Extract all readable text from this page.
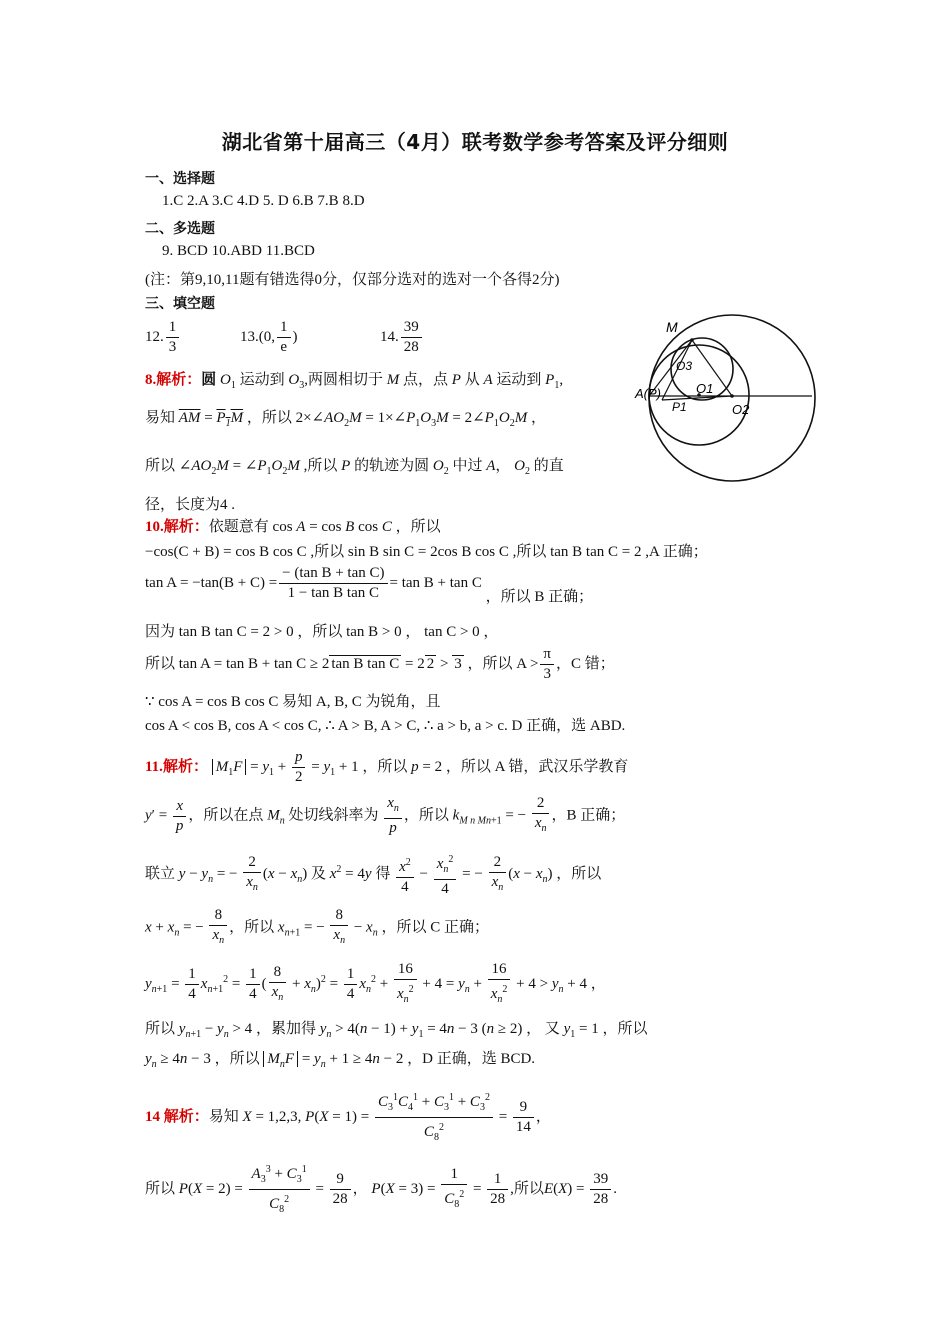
湖北省第十届高三（4月）联考数学参考答案及评分细则
一、选择题
1.C 2.A 3.C 4.D 5. D 6.B 7.B 8.D
二、多选题
9. BCD 10.ABD 11.BCD
(注：第9,10,11题有错选得0分，仅部分选对的选对一个各得2分)
三、填空题
12. $\frac{1}{3}$	13.(0, $\frac{1}{e}$ )	14. $\frac{39}{28}$	M
O3
O1
A(P)
P1	O2
8.解析：圆 $O_1$ 运动到 $O_3$,两圆相切于 M 点，点 P 从 A 运动到 $P_1$,
易知 $\overline{AM} = P_1M$ ，所以 $2\times\angle AO_2M$ = $1\times\angle P_1O_3M$ = $2\angle P_1O_2M$ ，
所以 $\angle AO_2M$ = $\angle P_1O_2M$ ,所以 P 的轨迹为圆 $O_2$ 中过 A， $O_2$ 的直
径，长度为4 .
10.解析：依题意有 cos A = cos B cos C ，所以
−cos(C + B) = cos B cos C ,所以 sin B sin C = 2cos B cos C ,所以 tan B tan C = 2 ,A 正确；
$\tan A = -\tan(B + C) = \frac{\text{− (tan B + tan C)}}{\text{1 − tan B tan C}} = \tan B + \tan C$ ，所以 B 正确；
因为 tan B tan C = 2 > 0 ，所以 tan B > 0 ， tan C > 0 ，
所以 tan A = tan B + tan C ≥ 2 tan B tan C = 2 2 > 3 ，所以 $A > \frac{\pi}{3}$ ，C 错；
∵ cos A = cos B cos C 易知 A, B, C 为锐角，且
cos A < cos B, cos A < cos C, ∴ A > B, A > C, ∴ a > b, a > c. D 正确，选 ABD.
11.解析： $M_1F = y_1 + \frac{p}{2} = y_1 + 1$ ，所以 p = 2 ，所以 A 错，武汉乐学教育
$y' = \frac{x}{p}$ ，所以在点 $M_n$ 处切线斜率为 $\frac{x_n}{p}$ ，所以 $k_{M n Mn+1}$ = − $\frac{2}{x_n}$ ，B 正确；
联立 $y - y_n$ = − $\frac{2}{x_n} (x - x_n)$ 及 $x^2 = 4y$ 得 $\frac{x^2}{4} - \frac{x_n^2}{4}$ = − $\frac{2}{x_n} (x - x_n)$ ，所以
$x + x_n$ = − $\frac{8}{x_n}$ ，所以 $x_{n+1}$ = − $\frac{8}{x_n} - x_n$ ，所以 C 正确；
$y_{n+1} = \frac{1}{4} x_{n+1}^2 = \frac{1}{4}$ ( $\frac{8}{x_n} + x_n)^2 = \frac{1}{4} x_n^2 + \frac{16}{x_n^2} + 4 = y_n + \frac{16}{x_n^2} + 4 > y_n + 4$ ，
所以 $y_{n+1} - y_n > 4$ ，累加得 $y_n > 4(n - 1) + y_1 = 4n - 3$ (n ≥ 2) ， 又 $y_1 = 1$ ，所以
$y_n \ge 4n - 3$ ，所以 $M_nF = y_n + 1 \ge 4n - 2$ ，D 正确，选 BCD.
14 解析：易知 X = 1,2,3, $P(X = 1) = \frac{C_3^1C_4^1 + C_3^1 + C_3^2}{C_8^2} = \frac{9}{14}$ ，
所以 $P(X = 2) = \frac{A_3^3 + C_3^1}{C_8^2} = \frac{9}{28}$ ， $P(X = 3) = \frac{1}{C_8^2} = \frac{1}{28}$ ,所以$E(X) = \frac{39}{28}$ .
